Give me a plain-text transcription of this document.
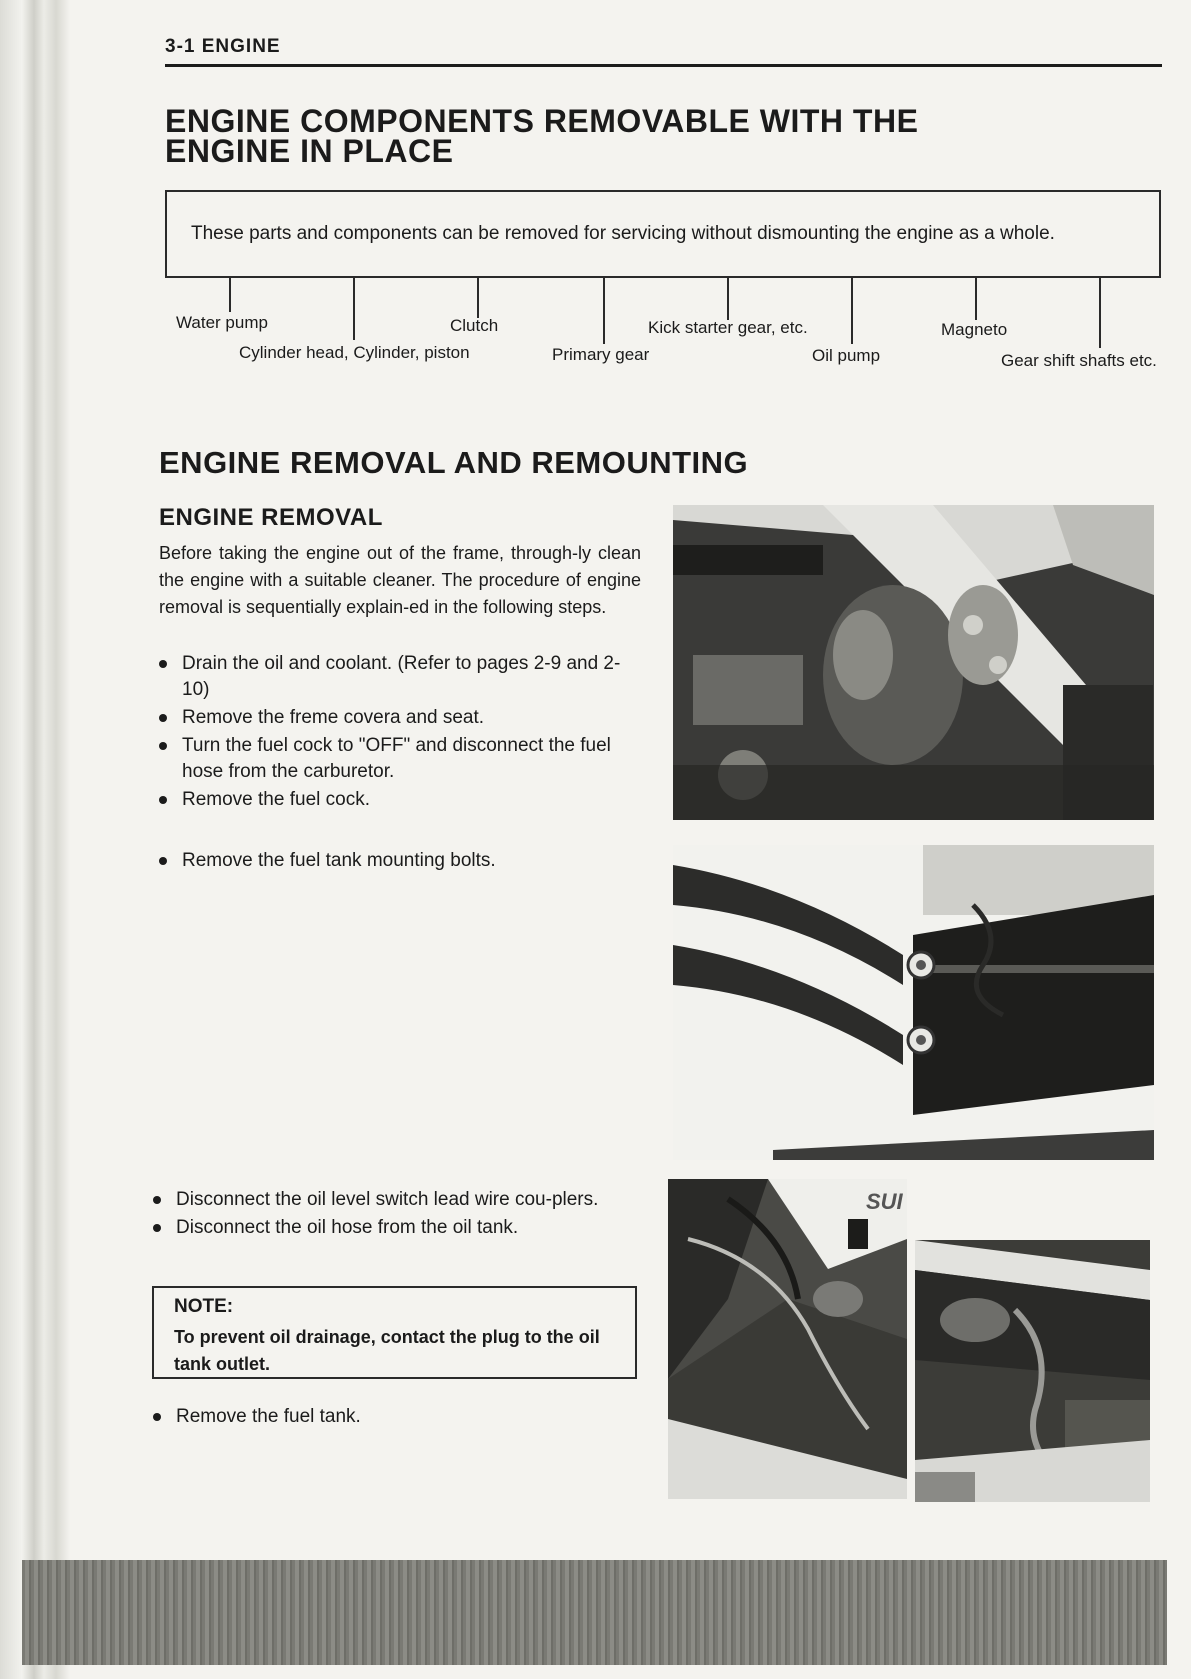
3-1 ENGINE
ENGINE COMPONENTS REMOVABLE WITH THE
ENGINE IN PLACE
These parts and components can be removed for servicing without dismounting the engine as a whole.
Water pump
Cylinder head, Cylinder, piston
Clutch
Primary gear
Kick starter gear, etc.
Oil pump
Magneto
Gear shift shafts etc.
ENGINE REMOVAL AND REMOUNTING
ENGINE REMOVAL

Before taking the engine out of the frame, through-ly clean the engine with a suitable cleaner. The procedure of engine removal is sequentially explain-ed in the following steps.

Drain the oil and coolant. (Refer to pages 2-9 and 2-10)
Remove the freme covera and seat.
Turn the fuel cock to "OFF" and disconnect the fuel hose from the carburetor.
Remove the fuel cock.
Remove the fuel tank mounting bolts.
Disconnect the oil level switch lead wire cou-plers.
Disconnect the oil hose from the oil tank.
NOTE:
To prevent oil drainage, contact the plug to the oil tank outlet.
Remove the fuel tank.
SUI
